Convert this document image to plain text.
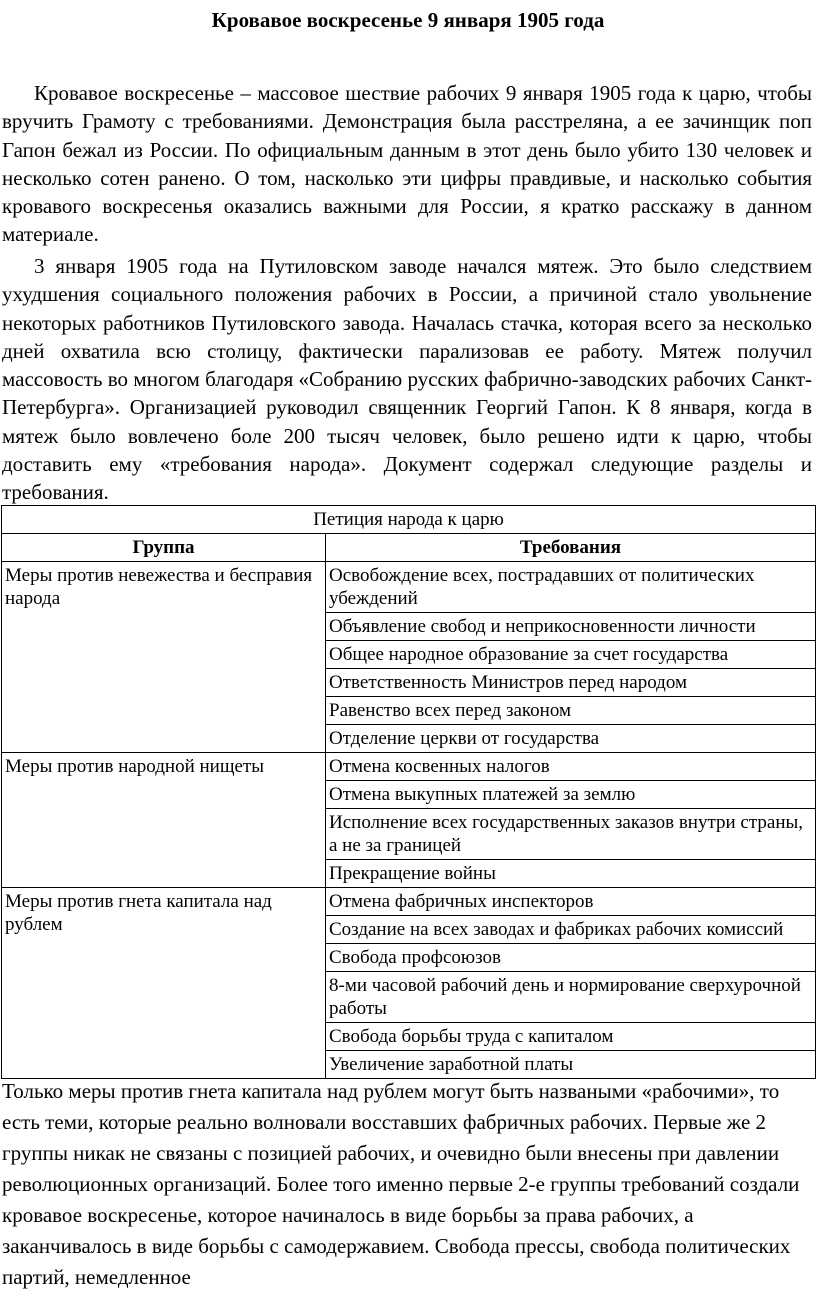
Кровавое воскресенье 9 января 1905 года

Кровавое воскресенье – массовое шествие рабочих 9 января 1905 года к царю, чтобы вручить Грамоту с требованиями. Демонстрация была расстреляна, а ее зачинщик поп Гапон бежал из России. По официальным данным в этот день было убито 130 человек и несколько сотен ранено. О том, насколько эти цифры правдивые, и насколько события кровавого воскресенья оказались важными для России, я кратко расскажу в данном материале.

3 января 1905 года на Путиловском заводе начался мятеж. Это было следствием ухудшения социального положения рабочих в России, а причиной стало увольнение некоторых работников Путиловского завода. Началась стачка, которая всего за несколько дней охватила всю столицу, фактически парализовав ее работу. Мятеж получил массовость во многом благодаря «Собранию русских фабрично-заводских рабочих Санкт-Петербурга». Организацией руководил священник Георгий Гапон. К 8 января, когда в мятеж было вовлечено боле 200 тысяч человек, было решено идти к царю, чтобы доставить ему «требования народа». Документ содержал следующие разделы и требования.

Петиция народа к царю	
Группа	Требования
Меры против невежества и бесправия народа	Освобождение всех, пострадавших от политических убеждений
	Объявление свобод и неприкосновенности личности
	Общее народное образование за счет государства
	Ответственность Министров перед народом
	Равенство всех перед законом
	Отделение церкви от государства
Меры против народной нищеты	Отмена косвенных налогов
	Отмена выкупных платежей за землю
	Исполнение всех государственных заказов внутри страны, а не за границей
	Прекращение войны
Меры против гнета капитала над рублем	Отмена фабричных инспекторов
	Создание на всех заводах и фабриках рабочих комиссий
	Свобода профсоюзов
	8-ми часовой рабочий день и нормирование сверхурочной работы
	Свобода борьбы труда с капиталом
	Увеличение заработной платы

Только меры против гнета капитала над рублем могут быть назваными «рабочими», то есть теми, которые реально волновали восставших фабричных рабочих. Первые же 2 группы никак не связаны с позицией рабочих, и очевидно были внесены при давлении революционных организаций. Более того именно первые 2-е группы требований создали кровавое воскресенье, которое начиналось в виде борьбы за права рабочих, а заканчивалось в виде борьбы с самодержавием. Свобода прессы, свобода политических партий, немедленное
